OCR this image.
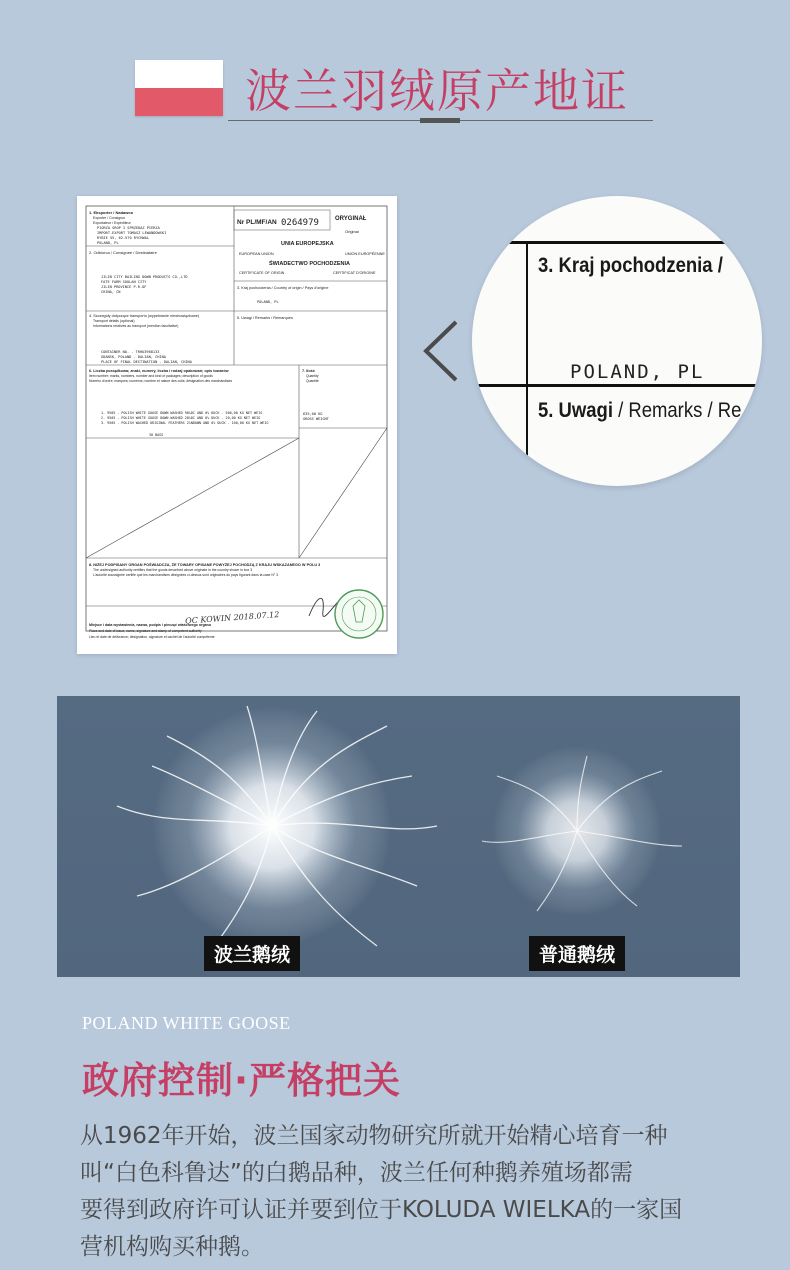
波兰羽绒原产地证
Nr PL/MF/AN 0264979	ORYGINAŁ
Original
UNIA EUROPEJSKA
EUROPEAN UNION	UNION EUROPÉENNE
ŚWIADECTWO POCHODZENIA
CERTIFICATE OF ORIGIN	CERTIFICAT D'ORIGINE
1. Eksporter / Nadawca
Exporter / Consignor
Exportateur / Expéditeur
PIORZA SROP I SPRZEDAZ PIERZA
IMPORT-EXPORT TOMASZ LEWANDOWSKI
RYBIE 55, 62-570 RYCHWAL
POLAND, PL
2. Odbiorca / Consignee / Destinataire
JILIN CITY BAILING DOWN PRODUCTS CO.,LTD
FATE FARM SOULAN CITY
JILIN PROVINCE P.R.OF
CHINA, CN
3. Kraj pochodzenia / Country of origin / Pays d'origine
POLAND, PL
4. Szczegóły dotyczące transportu (wypełnianie nieobowiązkowe)
Transport details (optional)
Informations relatives au transport (mention facultative)
CONTAINER NO. - TRHU3968133
GDANSK, POLAND - DALIAN, CHINA
PLACE OF FINAL DESTINATION - DALIAN, CHINA
5. Uwagi / Remarks / Remarques
6. Liczba porządkowa; znaki, numery, liczba i rodzaj opakowań; opis towarów
Item number; marks, numbers, number and kind of packages; description of goods
Numéro d'ordre; marques; numéros; nombre et nature des colis; désignation des marchandises
1. 9505 - POLISH WHITE GOOSE DOWN WASHED 90%DC AND 0% DUCK - 500,00 KG NET WEIG
2. 9505 - POLISH WHITE GOOSE DOWN WASHED 20%DC AND 0% DUCK - 20,00 KG NET WEIG
3. 9505 - POLISH WASHED ORIGINAL FEATHERS 2%NDOWN AND 0% DUCK - 100,00 KG NET WEIG
30 BAGS
7. Ilość
Quantity
Quantité
635,00 KG
GROSS WEIGHT
8. NIŻEJ PODPISANY ORGAN POŚWIADCZA, ŻE TOWARY OPISANE POWYŻEJ POCHODZĄ Z KRAJU WSKAZANEGO W POLU 3
The undersigned authority certifies that the goods described above originate in the country shown in box 3
L'autorité soussignée certifie que les marchandises désignées ci-dessus sont originaires du pays figurant dans la case N° 3
OC KOWIN 2018.07.12
Miejsce i data wystawienia, nazwa, podpis i pieczęć właściwego organu
Place and date of issue, name, signature and stamp of competent authority
Lieu et date de délivrance; désignation, signature et cachet de l'autorité compétente
3. Kraj pochodzenia /
POLAND, PL
5. Uwagi / Remarks / Re
波兰鹅绒	普通鹅绒
POLAND WHITE GOOSE
政府控制·严格把关
从1962年开始，波兰国家动物研究所就开始精心培育一种
叫“白色科鲁达”的白鹅品种，波兰任何种鹅养殖场都需
要得到政府许可认证并要到位于KOLUDA WIELKA的一家国
营机构购买种鹅。
